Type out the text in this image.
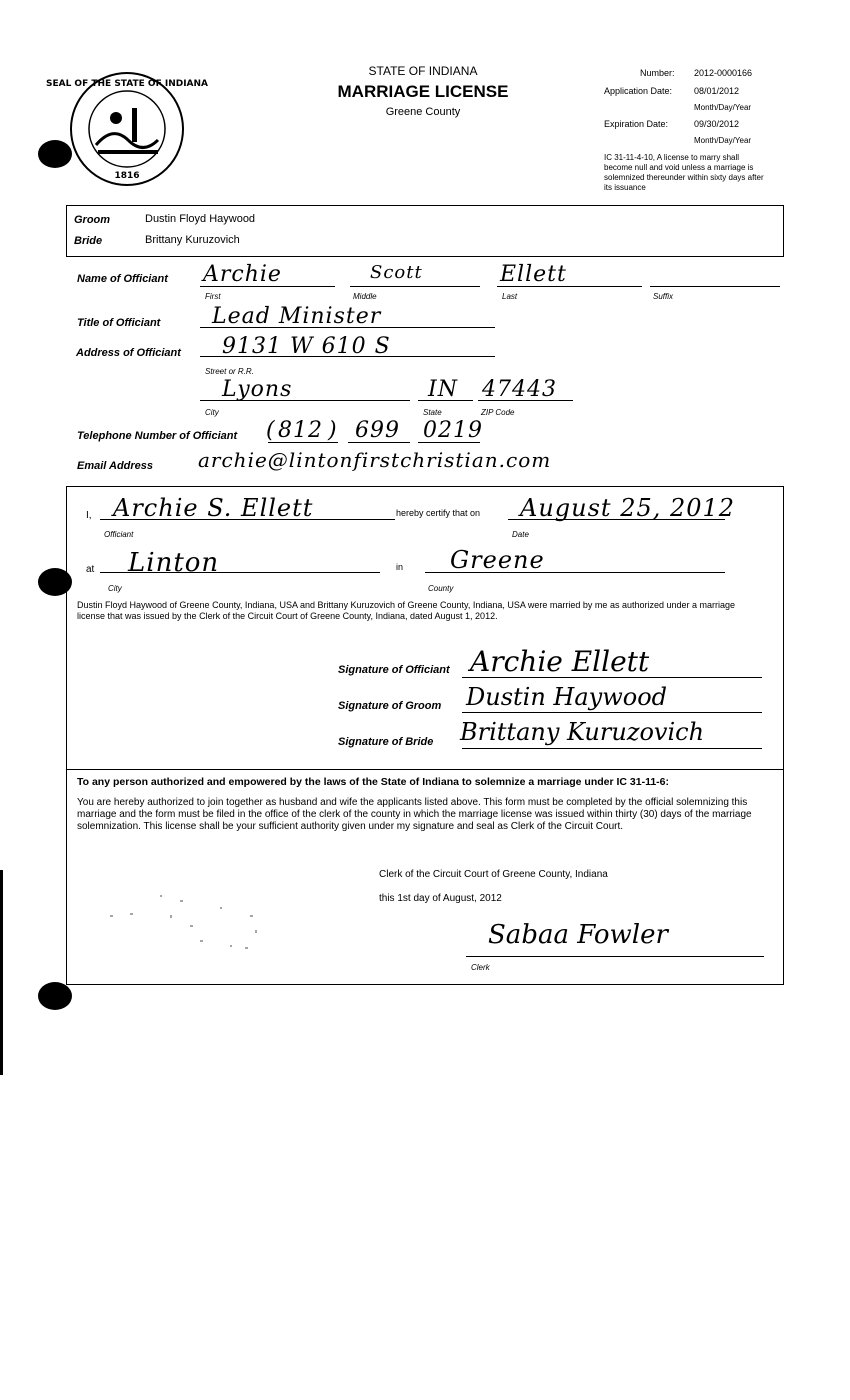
SEAL OF THE STATE OF INDIANA
1816
STATE OF INDIANA
MARRIAGE LICENSE
Greene County
Number: 2012-0000166
Application Date: 08/01/2012
Month/Day/Year
Expiration Date:	09/30/2012
Month/Day/Year
IC 31-11-4-10, A license to marry shall become null and void unless a marriage is solemnized thereunder within sixty days after its issuance
Groom	Dustin Floyd Haywood
Bride	Brittany Kuruzovich
Name of Officiant Archie	Scott	Ellett
First	Middle	Last	Suffix
Title of Officiant Lead Minister
Address of Officiant 9131 W 610 S
Street or R.R.
Lyons	IN 47443
City	State	ZIP Code
Telephone Number of Officiant ( 812 ) 699 0219
Email Address archie@lintonfirstchristian.com
I, Archie S. Ellett
Officiant
hereby certify that on August 25, 2012
Date
at Linton
City
in Greene
County
Dustin Floyd Haywood of Greene County, Indiana, USA and Brittany Kuruzovich of Greene County, Indiana, USA were married by me as authorized under a marriage license that was issued by the Clerk of the Circuit Court of Greene County, Indiana, dated August 1, 2012.
Signature of Officiant Archie Ellett
Signature of Groom Dustin Haywood
Signature of Bride Brittany Kuruzovich
To any person authorized and empowered by the laws of the State of Indiana to solemnize a marriage under IC 31-11-6:
You are hereby authorized to join together as husband and wife the applicants listed above. This form must be completed by the official solemnizing this marriage and the form must be filed in the office of the clerk of the county in which the marriage license was issued within thirty (30) days of the marriage solemnization. This license shall be your sufficient authority given under my signature and seal as Clerk of the Circuit Court.
Clerk of the Circuit Court of Greene County, Indiana
this 1st day of August, 2012
Sabaa Fowler
Clerk
